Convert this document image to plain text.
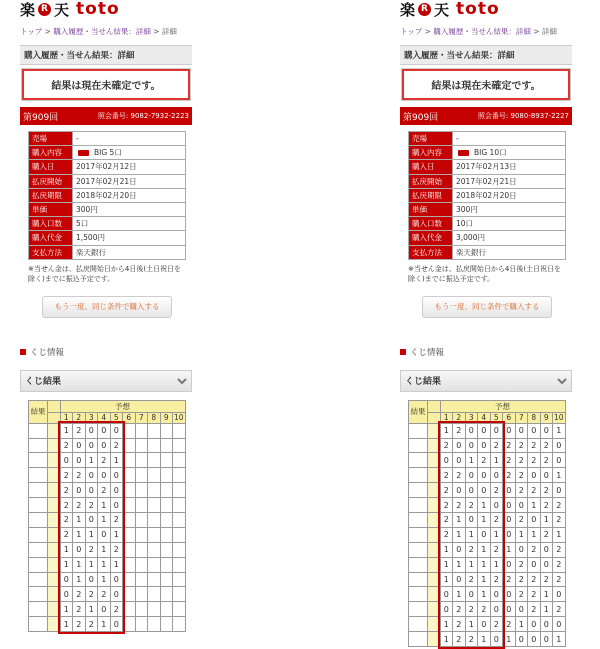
楽 R 天 toto
トップ > 購入履歴・当せん結果：詳細 > 詳細
購入履歴・当せん結果：詳細
結果は現在未確定です。
第909回	照会番号: 9082-7932-2223
売場	-
購入内容	BIG 5口
購入日	2017年02月12日
払戻開始	2017年02月21日
払戻期限	2018年02月20日
単価	300円
購入口数	5口
購入代金	1,500円
支払方法	楽天銀行
※当せん金は、払戻開始日から4日後(土日祝日を除く)までに振込予定です。
もう一度、同じ条件で購入する
くじ情報
くじ結果
結果		予想									
		1	2	3	4	5	6	7	8	9	10
		1	2	0	0	0					
		2	0	0	0	2					
		0	0	1	2	1					
		2	2	0	0	0					
		2	0	0	2	0					
		2	2	2	1	0					
		2	1	0	1	2					
		2	1	1	0	1					
		1	0	2	1	2					
		1	1	1	1	1					
		0	1	0	1	0					
		0	2	2	2	0					
		1	2	1	0	2					
		1	2	2	1	0					
楽 R 天 toto
トップ > 購入履歴・当せん結果：詳細 > 詳細
購入履歴・当せん結果：詳細
結果は現在未確定です。
第909回	照会番号: 9080-8937-2227
売場	-
購入内容	BIG 10口
購入日	2017年02月13日
払戻開始	2017年02月21日
払戻期限	2018年02月20日
単価	300円
購入口数	10口
購入代金	3,000円
支払方法	楽天銀行
※当せん金は、払戻開始日から4日後(土日祝日を除く)までに振込予定です。
もう一度、同じ条件で購入する
くじ情報
くじ結果
結果		予想									
		1	2	3	4	5	6	7	8	9	10
		1	2	0	0	0	0	0	0	0	1
		2	0	0	0	2	2	2	2	2	0
		0	0	1	2	1	2	2	2	2	0
		2	2	0	0	0	2	2	0	0	1
		2	0	0	0	2	0	2	2	2	0
		2	2	2	1	0	0	0	1	2	2
		2	1	0	1	2	0	2	0	1	2
		2	1	1	0	1	0	1	1	2	1
		1	0	2	1	2	1	0	2	0	2
		1	1	1	1	1	0	2	0	0	2
		1	0	2	1	2	2	2	2	2	2
		0	1	0	1	0	0	2	2	1	0
		0	2	2	2	0	0	0	2	1	2
		1	2	1	0	2	2	1	0	0	0
		1	2	2	1	0	1	0	0	0	1
